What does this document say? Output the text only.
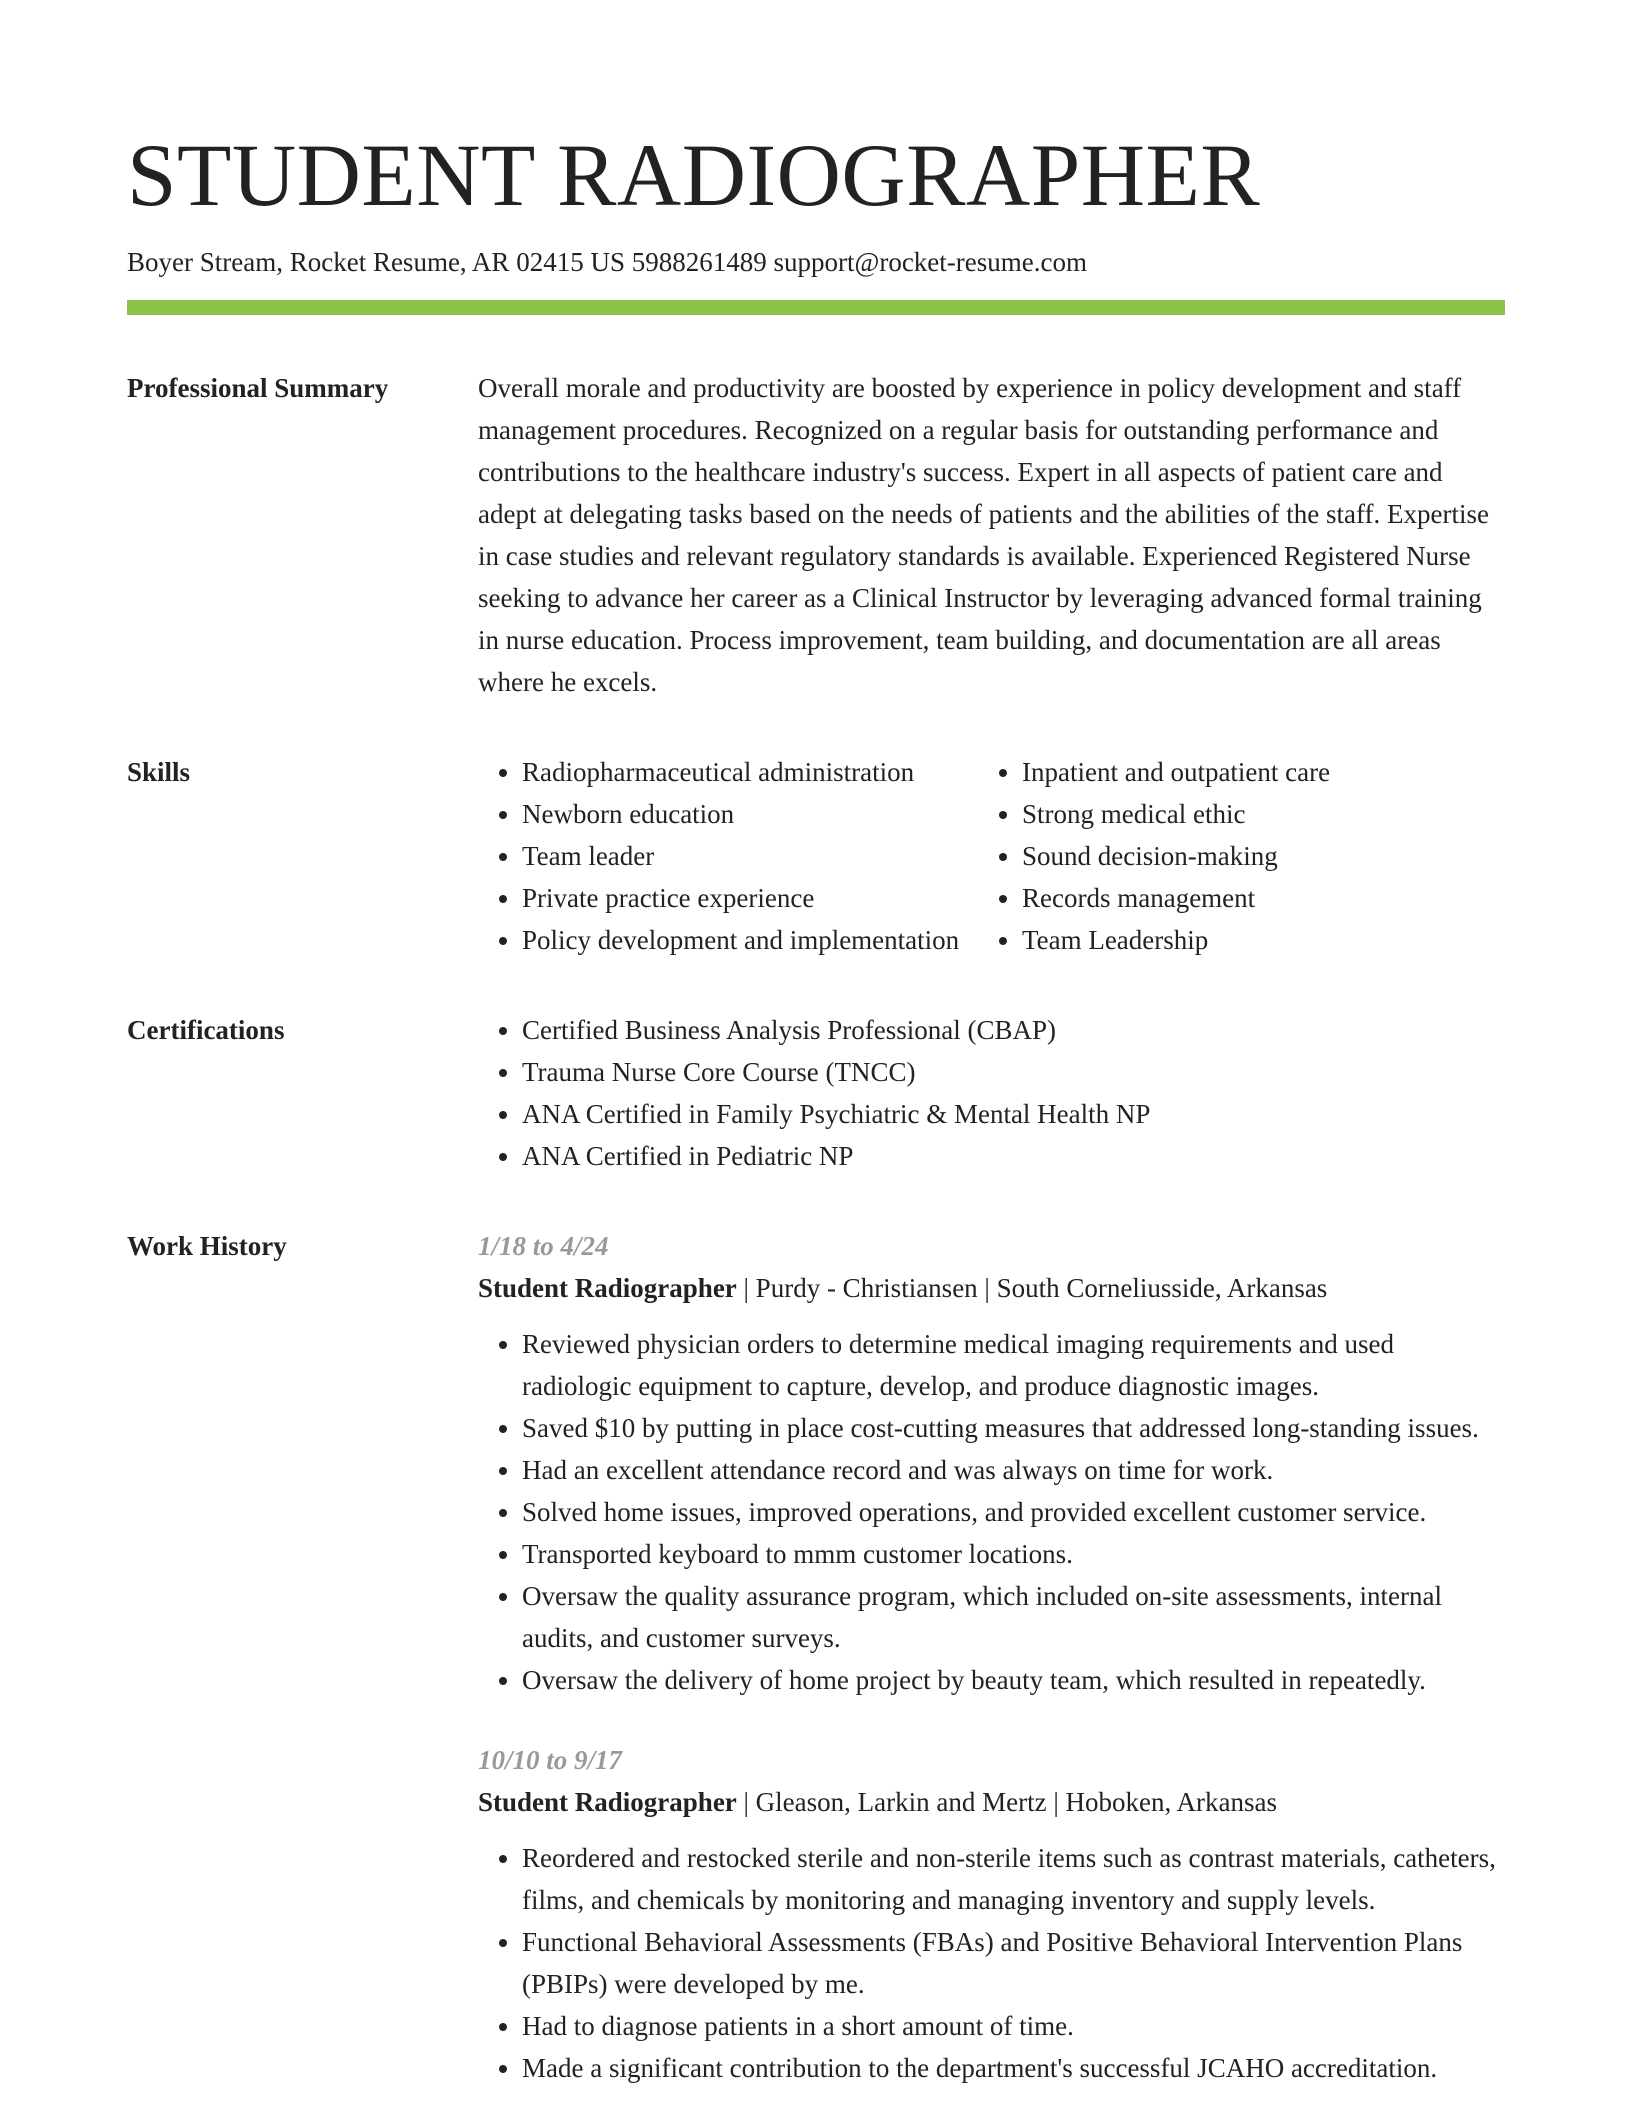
STUDENT RADIOGRAPHER
Boyer Stream, Rocket Resume, AR 02415 US 5988261489 support@rocket-resume.com
Professional Summary	Overall morale and productivity are boosted by experience in policy development and staff management procedures. Recognized on a regular basis for outstanding performance and contributions to the healthcare industry's success. Expert in all aspects of patient care and adept at delegating tasks based on the needs of patients and the abilities of the staff. Expertise in case studies and relevant regulatory standards is available. Experienced Registered Nurse seeking to advance her career as a Clinical Instructor by leveraging advanced formal training in nurse education. Process improvement, team building, and documentation are all areas where he excels.

Skills	• Radiopharmaceutical administration
• Newborn education
• Team leader
• Private practice experience
• Policy development and implementation
• Inpatient and outpatient care
• Strong medical ethic
• Sound decision-making
• Records management
• Team Leadership
Certifications	• Certified Business Analysis Professional (CBAP)
• Trauma Nurse Core Course (TNCC)
• ANA Certified in Family Psychiatric & Mental Health NP
• ANA Certified in Pediatric NP
Work History	1/18 to 4/24
Student Radiographer | Purdy - Christiansen | South Corneliusside, Arkansas
• Reviewed physician orders to determine medical imaging requirements and used radiologic equipment to capture, develop, and produce diagnostic images.
• Saved $10 by putting in place cost-cutting measures that addressed long-standing issues.
• Had an excellent attendance record and was always on time for work.
• Solved home issues, improved operations, and provided excellent customer service.
• Transported keyboard to mmm customer locations.
• Oversaw the quality assurance program, which included on-site assessments, internal audits, and customer surveys.
• Oversaw the delivery of home project by beauty team, which resulted in repeatedly.
10/10 to 9/17
Student Radiographer | Gleason, Larkin and Mertz | Hoboken, Arkansas
• Reordered and restocked sterile and non-sterile items such as contrast materials, catheters, films, and chemicals by monitoring and managing inventory and supply levels.
• Functional Behavioral Assessments (FBAs) and Positive Behavioral Intervention Plans (PBIPs) were developed by me.
• Had to diagnose patients in a short amount of time.
• Made a significant contribution to the department's successful JCAHO accreditation.
